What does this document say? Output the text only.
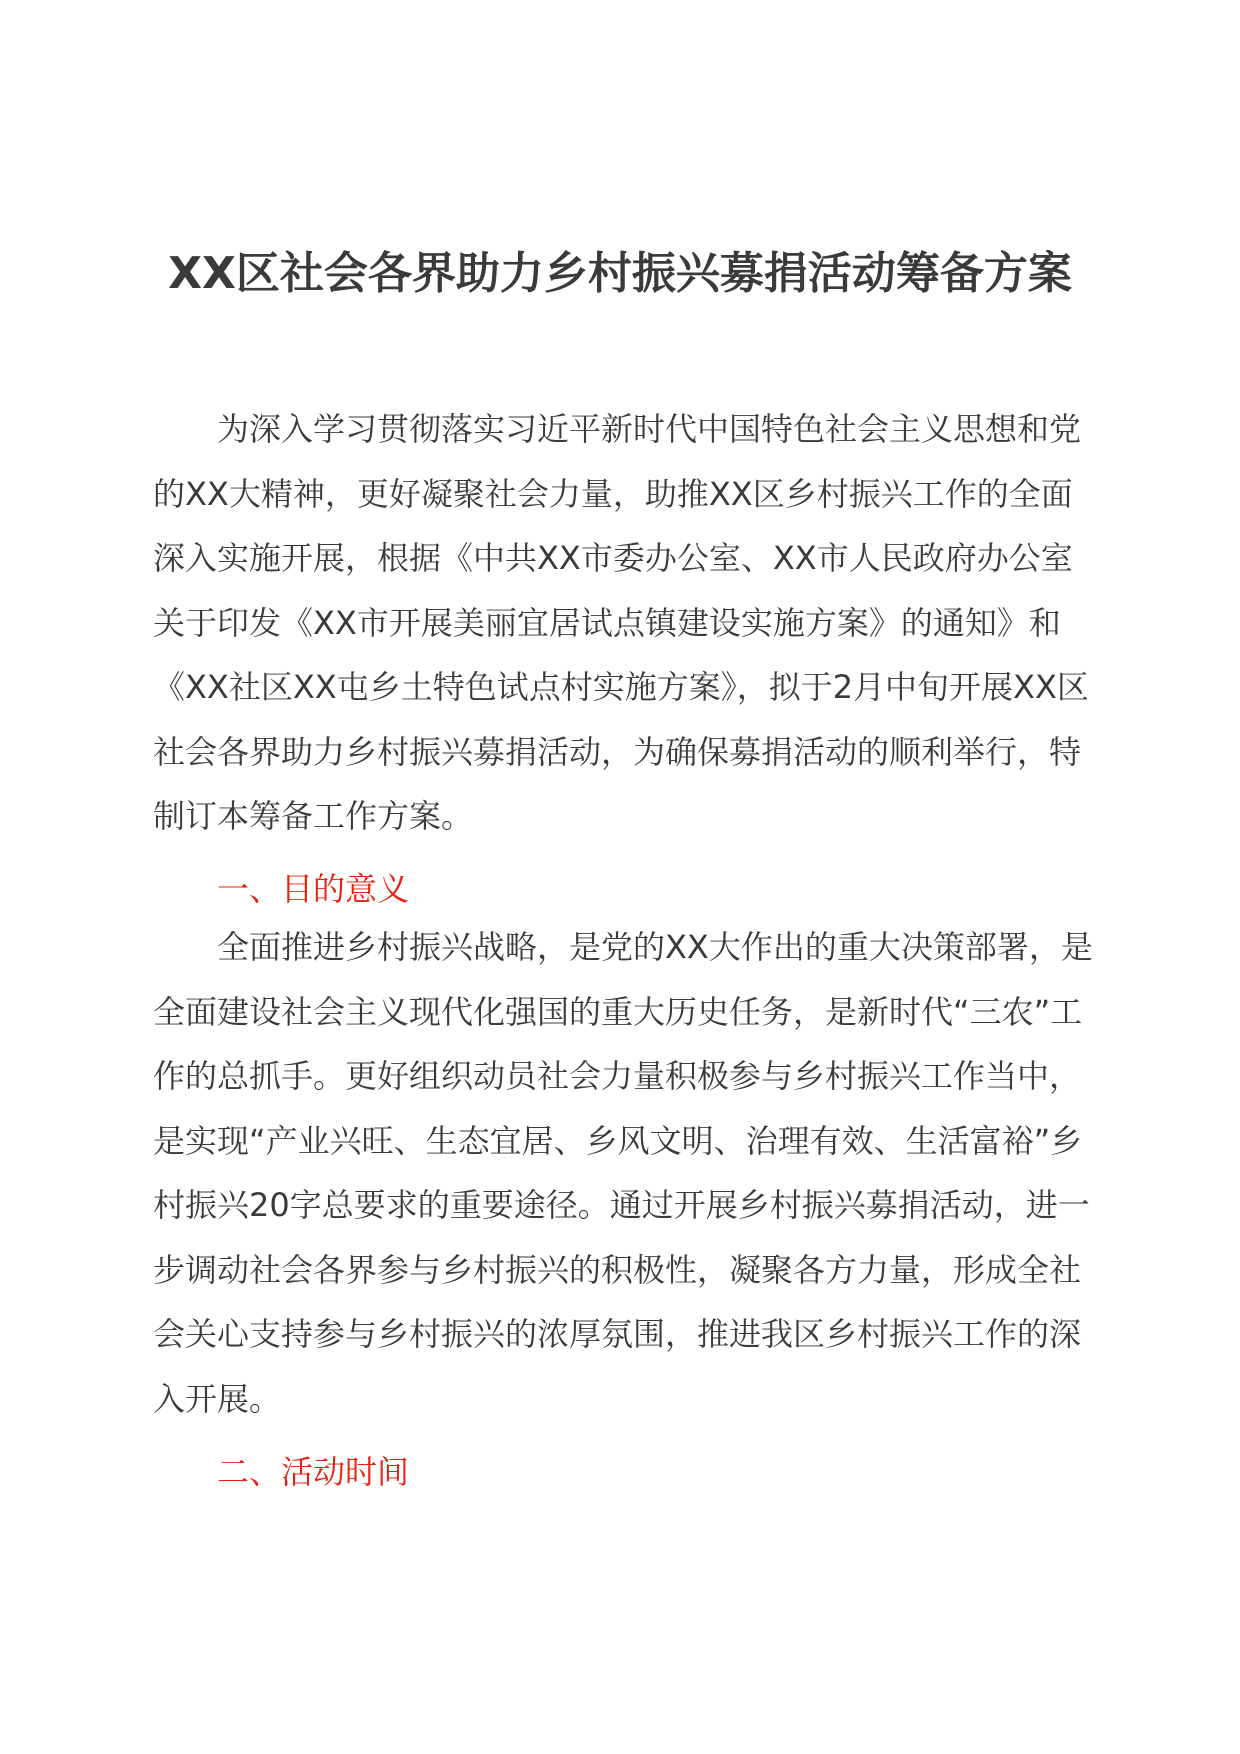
XX区社会各界助力乡村振兴募捐活动筹备方案

为深入学习贯彻落实习近平新时代中国特色社会主义思想和党的XX大精神，更好凝聚社会力量，助推XX区乡村振兴工作的全面深入实施开展，根据《中共XX市委办公室、XX市人民政府办公室关于印发《XX市开展美丽宜居试点镇建设实施方案》的通知》和《XX社区XX屯乡土特色试点村实施方案》，拟于2月中旬开展XX区社会各界助力乡村振兴募捐活动，为确保募捐活动的顺利举行，特制订本筹备工作方案。

一、目的意义

全面推进乡村振兴战略，是党的XX大作出的重大决策部署，是全面建设社会主义现代化强国的重大历史任务，是新时代“三农”工作的总抓手。更好组织动员社会力量积极参与乡村振兴工作当中，是实现“产业兴旺、生态宜居、乡风文明、治理有效、生活富裕”乡村振兴20字总要求的重要途径。通过开展乡村振兴募捐活动，进一步调动社会各界参与乡村振兴的积极性，凝聚各方力量，形成全社会关心支持参与乡村振兴的浓厚氛围，推进我区乡村振兴工作的深入开展。

二、活动时间
